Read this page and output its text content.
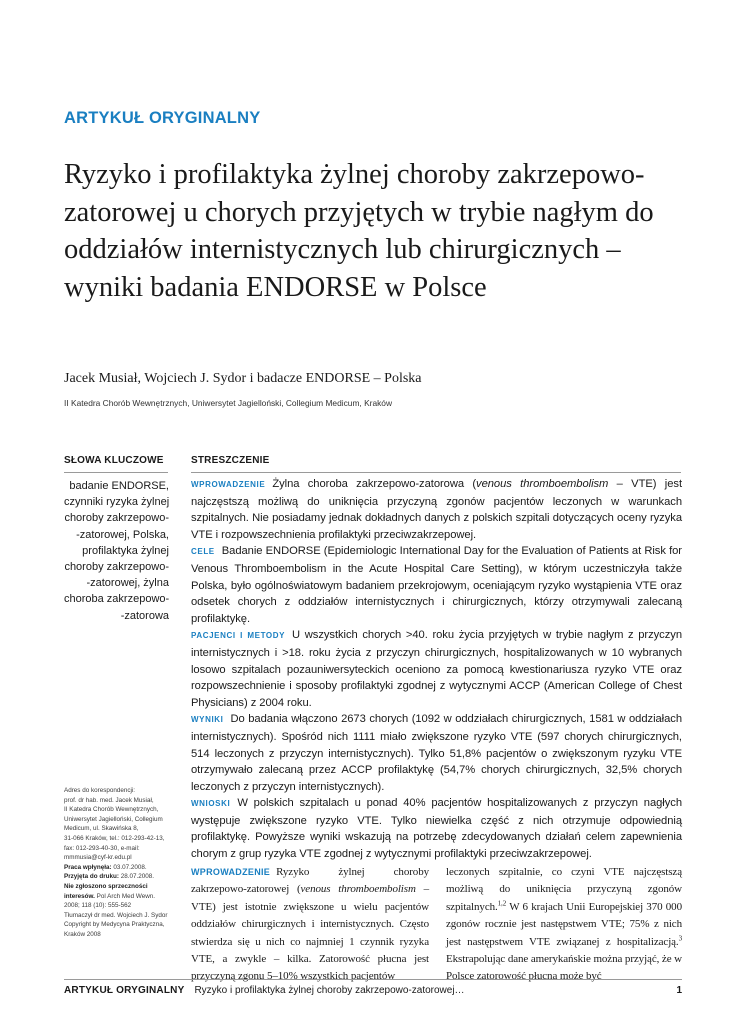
ARTYKUŁ ORYGINALNY
Ryzyko i profilaktyka żylnej choroby zakrzepowo-zatorowej u chorych przyjętych w trybie nagłym do oddziałów internistycznych lub chirurgicznych – wyniki badania ENDORSE w Polsce
Jacek Musiał, Wojciech J. Sydor i badacze ENDORSE – Polska
II Katedra Chorób Wewnętrznych, Uniwersytet Jagielloński, Collegium Medicum, Kraków
SŁOWA KLUCZOWE	STRESZCZENIE
badanie ENDORSE,
czynniki ryzyka żylnej
choroby zakrzepowo-
-zatorowej, Polska,
profilaktyka żylnej
choroby zakrzepowo-
-zatorowej, żylna
choroba zakrzepowo-
-zatorowa

WPROWADZENIE Żylna choroba zakrzepowo-zatorowa (venous thromboembolism – VTE) jest najczęstszą możliwą do uniknięcia przyczyną zgonów pacjentów leczonych w warunkach szpitalnych. Nie posiadamy jednak dokładnych danych z polskich szpitali dotyczących oceny ryzyka VTE i rozpowszechnienia profilaktyki przeciwzakrzepowej.

CELE Badanie ENDORSE (Epidemiologic International Day for the Evaluation of Patients at Risk for Venous Thromboembolism in the Acute Hospital Care Setting), w którym uczestniczyła także Polska, było ogólnoświatowym badaniem przekrojowym, oceniającym ryzyko wystąpienia VTE oraz odsetek chorych z oddziałów internistycznych i chirurgicznych, którzy otrzymywali zalecaną profilaktykę.

PACJENCI I METODY U wszystkich chorych >40. roku życia przyjętych w trybie nagłym z przyczyn internistycznych i >18. roku życia z przyczyn chirurgicznych, hospitalizowanych w 10 wybranych losowo szpitalach pozauniwersyteckich oceniono za pomocą kwestionariusza ryzyko VTE oraz rozpowszechnienie i sposoby profilaktyki zgodnej z wytycznymi ACCP (American College of Chest Physicians) z 2004 roku.

WYNIKI Do badania włączono 2673 chorych (1092 w oddziałach chirurgicznych, 1581 w oddziałach internistycznych). Spośród nich 1111 miało zwiększone ryzyko VTE (597 chorych chirurgicznych, 514 leczonych z przyczyn internistycznych). Tylko 51,8% pacjentów o zwiększonym ryzyku VTE otrzymywało zalecaną przez ACCP profilaktykę (54,7% chorych chirurgicznych, 32,5% chorych leczonych z przyczyn internistycznych).

WNIOSKI W polskich szpitalach u ponad 40% pacjentów hospitalizowanych z przyczyn nagłych występuje zwiększone ryzyko VTE. Tylko niewielka część z nich otrzymuje odpowiednią profilaktykę. Powyższe wyniki wskazują na potrzebę zdecydowanych działań celem zapewnienia chorym z grup ryzyka VTE zgodnej z wytycznymi profilaktyki przeciwzakrzepowej.

Adres do korespondencji:
prof. dr hab. med. Jacek Musiał,
II Katedra Chorób Wewnętrznych,
Uniwersytet Jagielloński, Collegium
Medicum, ul. Skawińska 8,
31-066 Kraków, tel.: 012-293-42-13,
fax: 012-293-40-30, e-mail:
mmmusia@cyf-kr.edu.pl
Praca wpłynęła: 03.07.2008.
Przyjęta do druku: 28.07.2008.
Nie zgłoszono sprzeczności
interesów. Pol Arch Med Wewn.
2008; 118 (10): 555-562
Tłumaczył dr med. Wojciech J. Sydor
Copyright by Medycyna Praktyczna,
Kraków 2008

WPROWADZENIE Ryzyko żylnej choroby zakrzepowo-zatorowej (venous thromboembolism – VTE) jest istotnie zwiększone u wielu pacjentów oddziałów chirurgicznych i internistycznych. Często stwierdza się u nich co najmniej 1 czynnik ryzyka VTE, a zwykle – kilka. Zatorowość płucna jest przyczyną zgonu 5–10% wszystkich pacjentów

leczonych szpitalnie, co czyni VTE najczęstszą możliwą do uniknięcia przyczyną zgonów szpitalnych.$^{1,2}$ W 6 krajach Unii Europejskiej 370 000 zgonów rocznie jest następstwem VTE; 75% z nich jest następstwem VTE związanej z hospitalizacją.$^3$ Ekstrapolując dane amerykańskie można przyjąć, że w Polsce zatorowość płucna może być

ARTYKUŁ ORYGINALNY Ryzyko i profilaktyka żylnej choroby zakrzepowo-zatorowej…	1
